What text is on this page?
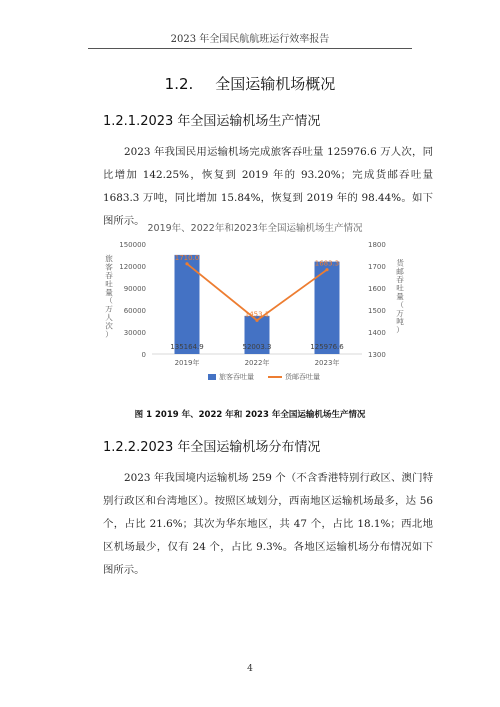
2023 年全国民航航班运行效率报告
1.2. 全国运输机场概况
1.2.1.2023 年全国运输机场生产情况
2023 年我国民用运输机场完成旅客吞吐量 125976.6 万人次，同比增加 142.25%，恢复到 2019 年的 93.20%；完成货邮吞吐量 1683.3 万吨，同比增加 15.84%，恢复到 2019 年的 98.44%。如下图所示。
2019年、2022年和2023年全国运输机场生产情况
0
30000
60000
90000
120000
150000
1300
1400
1500
1600
1700
1800
旅客吞吐量（万人次）
货邮吞吐量（万吨）
135164.9	52003.3	125976.6
2019年	2022年	2023年
1710.0
1453.1
1683.3
旅客吞吐量	货邮吞吐量
图 1 2019 年、2022 年和 2023 年全国运输机场生产情况
1.2.2.2023 年全国运输机场分布情况
2023 年我国境内运输机场 259 个（不含香港特别行政区、澳门特别行政区和台湾地区）。按照区域划分，西南地区运输机场最多，达 56 个，占比 21.6%；其次为华东地区，共 47 个，占比 18.1%；西北地区机场最少，仅有 24 个，占比 9.3%。各地区运输机场分布情况如下图所示。
4
